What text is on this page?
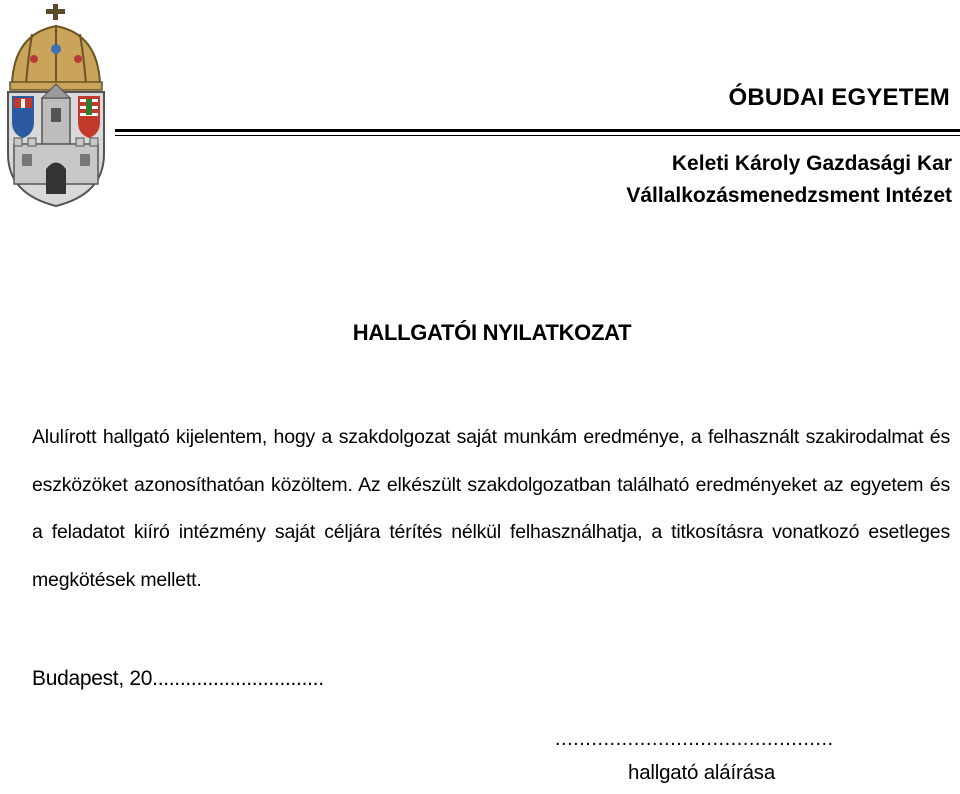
ÓBUDAI EGYETEM
Keleti Károly Gazdasági Kar
Vállalkozásmenedzsment Intézet
HALLGATÓI NYILATKOZAT
Alulírott hallgató kijelentem, hogy a szakdolgozat saját munkám eredménye, a felhasznált szakirodalmat és eszközöket azonosíthatóan közöltem. Az elkészült szakdolgozatban található eredményeket az egyetem és a feladatot kiíró intézmény saját céljára térítés nélkül felhasználhatja, a titkosításra vonatkozó esetleges megkötések mellett.
Budapest, 20...............................
..............................................
hallgató aláírása
